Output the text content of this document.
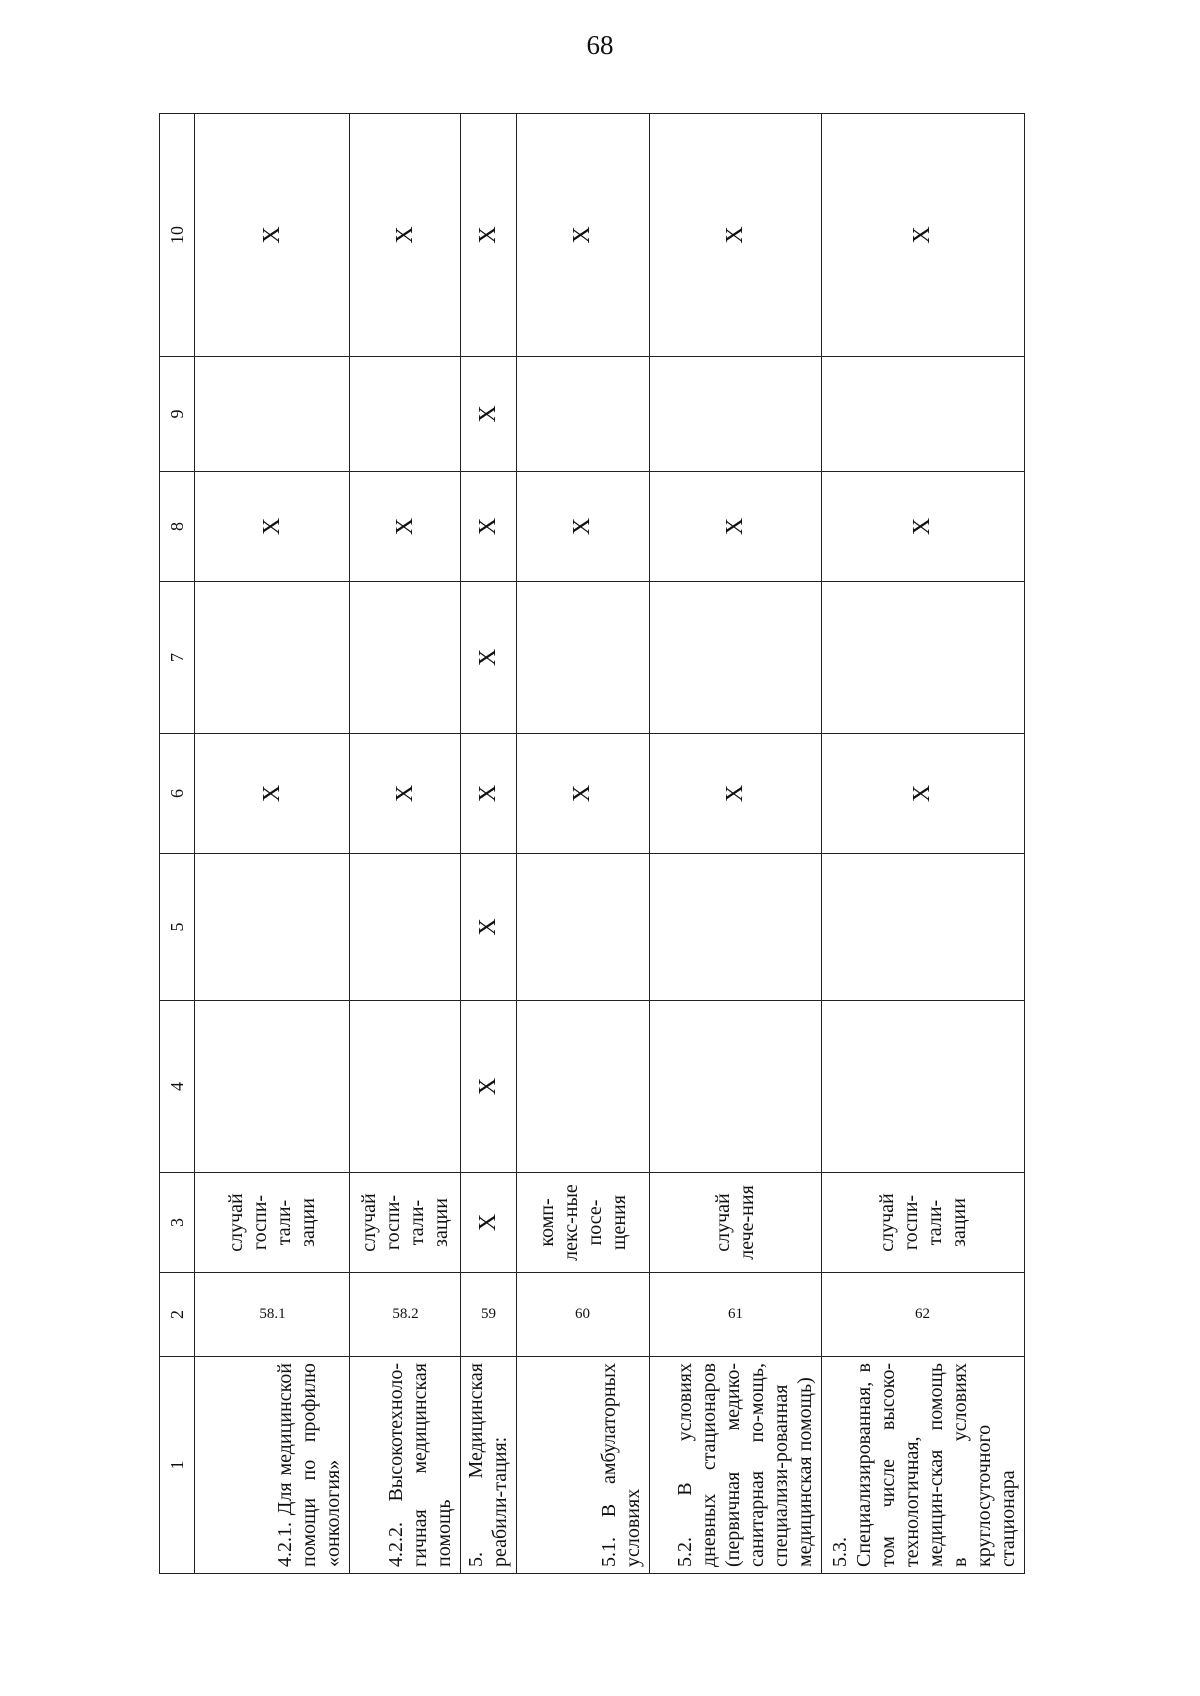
68
1	2	3	4	5	6	7	8	9	10
4.2.1. Для медицинской помощи по профилю «онкология»	58.1	случай госпи-тали-зации			X		X		X
4.2.2. Высокотехноло-гичная медицинская помощь	58.2	случай госпи-тали-зации			X		X		X
5. Медицинская реабили-тация:	59	X	X	X	X	X	X	X	X
5.1. В амбулаторных условиях	60	комп-лекс-ные посе-щения			X		X		X
5.2. В условиях дневных стационаров (первичная медико-санитарная по-мощь, специализи-рованная медицинская помощь)	61	случай лече-ния			X		X		X
5.3. Специализированная, в том числе высоко-технологичная, медицин-ская помощь в условиях круглосуточного стационара	62	случай госпи-тали-зации			X		X		X
